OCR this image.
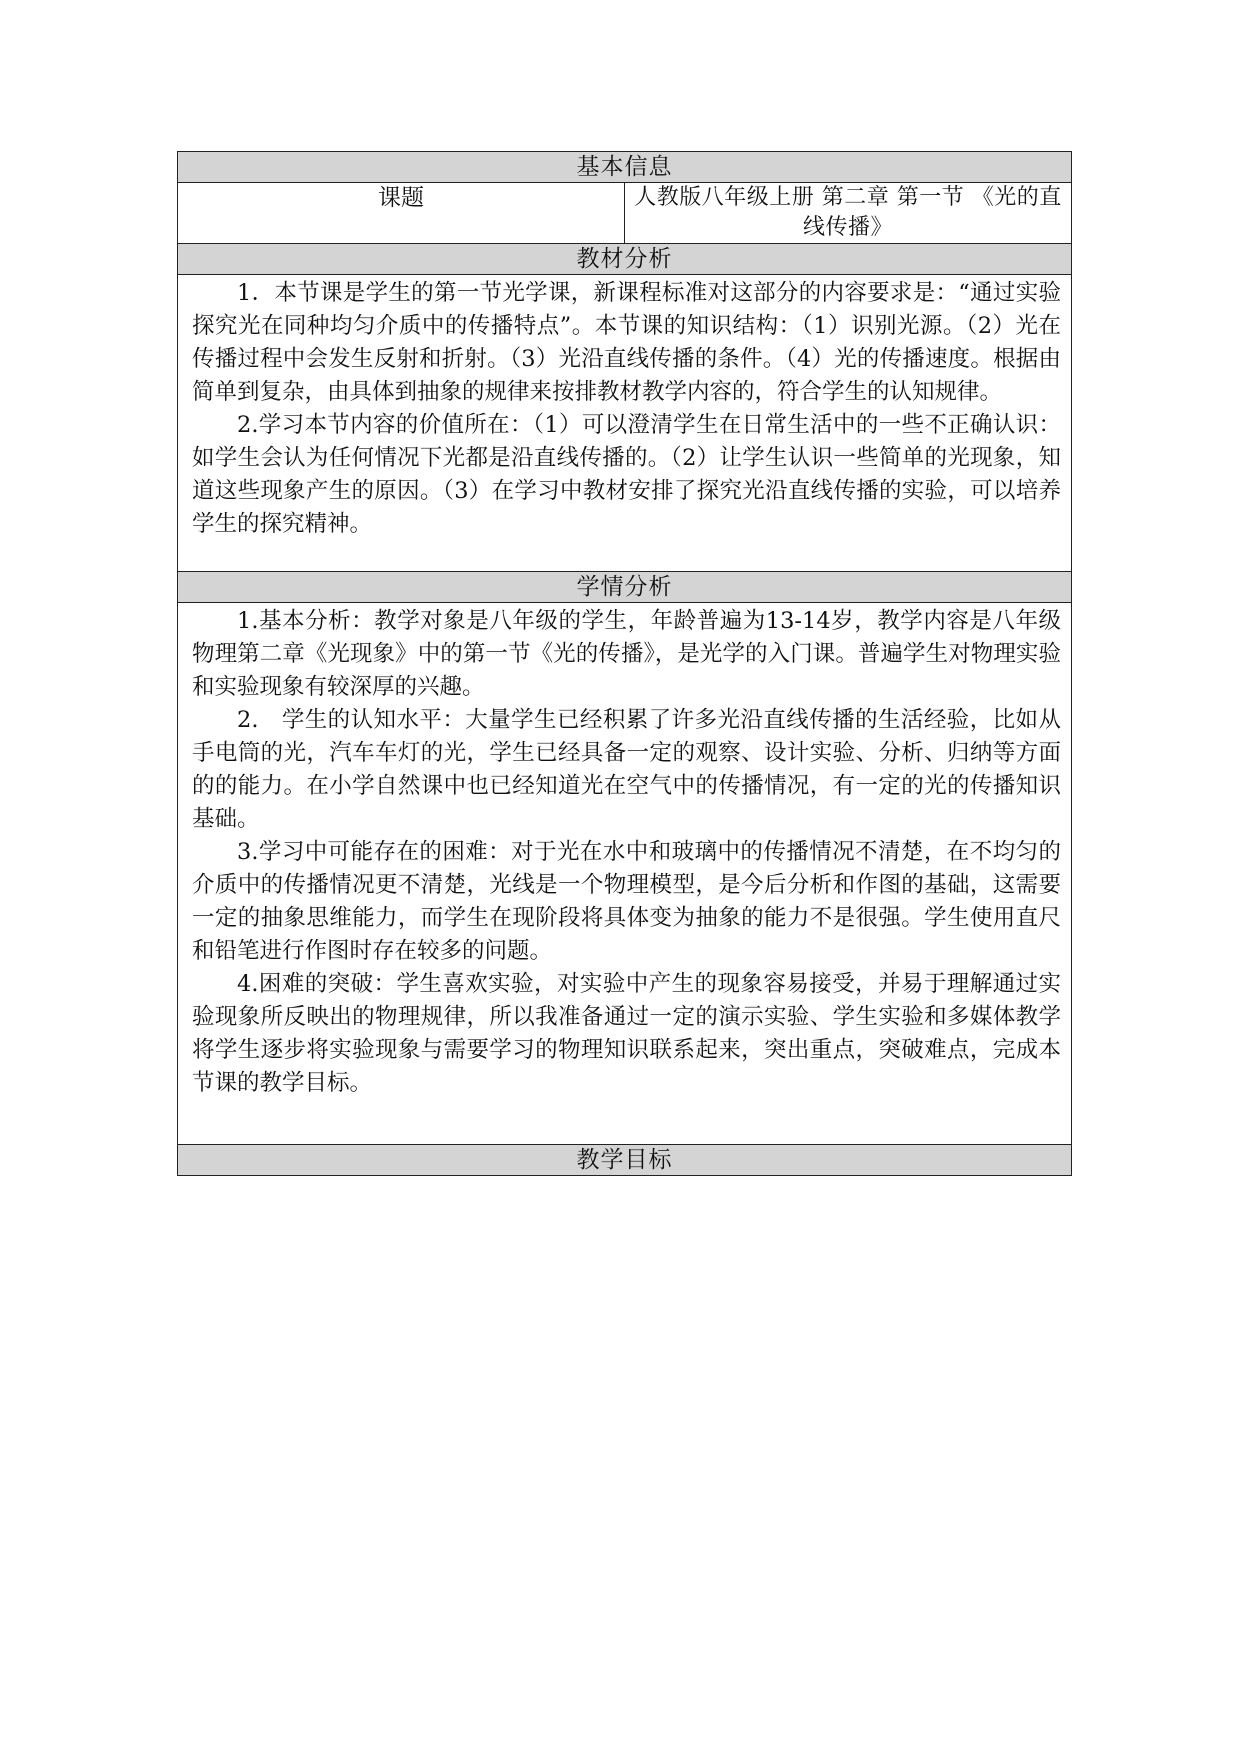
基本信息
课题	人教版八年级上册 第二章 第一节 《光的直线传播》
教材分析

1．本节课是学生的第一节光学课，新课程标准对这部分的内容要求是：“通过实验探究光在同种均匀介质中的传播特点”。本节课的知识结构：（1）识别光源。（2）光在传播过程中会发生反射和折射。（3）光沿直线传播的条件。（4）光的传播速度。根据由简单到复杂，由具体到抽象的规律来按排教材教学内容的，符合学生的认知规律。

2.学习本节内容的价值所在：（1）可以澄清学生在日常生活中的一些不正确认识：如学生会认为任何情况下光都是沿直线传播的。（2）让学生认识一些简单的光现象，知道这些现象产生的原因。（3）在学习中教材安排了探究光沿直线传播的实验，可以培养学生的探究精神。

学情分析

1.基本分析：教学对象是八年级的学生，年龄普遍为13-14岁，教学内容是八年级物理第二章《光现象》中的第一节《光的传播》，是光学的入门课。普遍学生对物理实验和实验现象有较深厚的兴趣。

2.　学生的认知水平：大量学生已经积累了许多光沿直线传播的生活经验，比如从手电筒的光，汽车车灯的光，学生已经具备一定的观察、设计实验、分析、归纳等方面的的能力。在小学自然课中也已经知道光在空气中的传播情况，有一定的光的传播知识基础。

3.学习中可能存在的困难：对于光在水中和玻璃中的传播情况不清楚，在不均匀的介质中的传播情况更不清楚，光线是一个物理模型，是今后分析和作图的基础，这需要一定的抽象思维能力，而学生在现阶段将具体变为抽象的能力不是很强。学生使用直尺和铅笔进行作图时存在较多的问题。

4.困难的突破：学生喜欢实验，对实验中产生的现象容易接受，并易于理解通过实验现象所反映出的物理规律，所以我准备通过一定的演示实验、学生实验和多媒体教学将学生逐步将实验现象与需要学习的物理知识联系起来，突出重点，突破难点，完成本节课的教学目标。

教学目标
